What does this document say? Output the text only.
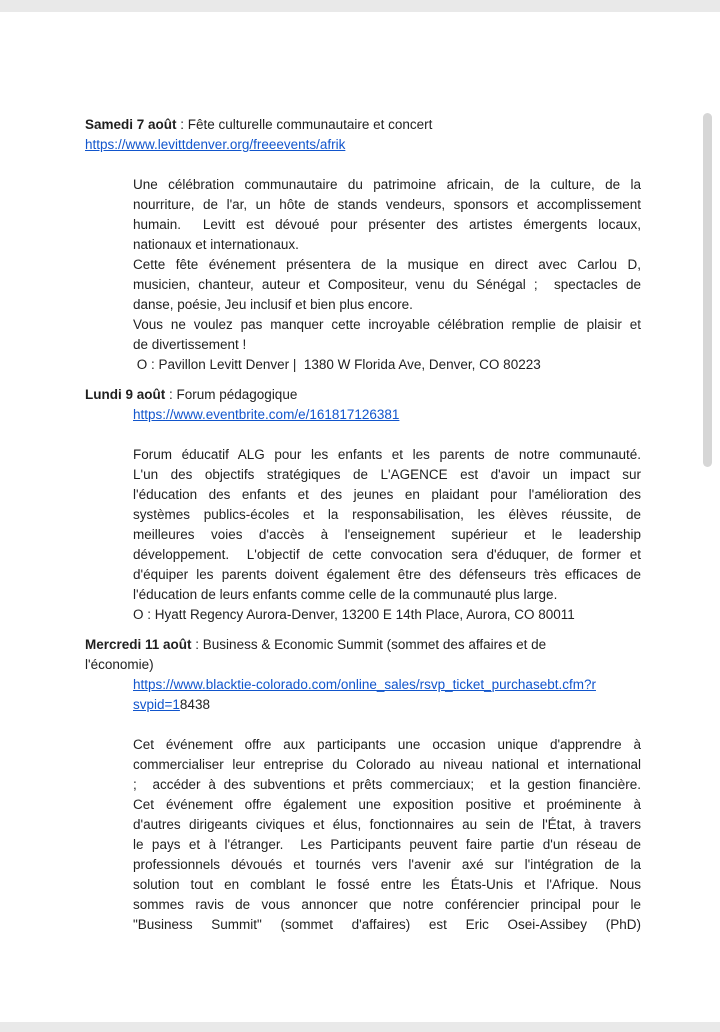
Samedi 7 août : Fête culturelle communautaire et concert
https://www.levittdenver.org/freeevents/afrik
Une célébration communautaire du patrimoine africain, de la culture, de la
nourriture, de l'ar, un hôte de stands vendeurs, sponsors et accomplissement
humain.  Levitt est dévoué pour présenter des artistes émergents locaux,
nationaux et internationaux.
Cette fête événement présentera de la musique en direct avec Carlou D,
musicien, chanteur, auteur et Compositeur, venu du Sénégal ;  spectacles de
danse, poésie, Jeu inclusif et bien plus encore.
Vous ne voulez pas manquer cette incroyable célébration remplie de plaisir et
de divertissement !
O : Pavillon Levitt Denver |  1380 W Florida Ave, Denver, CO 80223
Lundi 9 août : Forum pédagogique
https://www.eventbrite.com/e/161817126381
Forum éducatif ALG pour les enfants et les parents de notre communauté.
L'un des objectifs stratégiques de L'AGENCE est d'avoir un impact sur
l'éducation des enfants et des jeunes en plaidant pour l'amélioration des
systèmes publics-écoles et la responsabilisation, les élèves réussite, de
meilleures voies d'accès à l'enseignement supérieur et le leadership
développement.  L'objectif de cette convocation sera d'éduquer, de former et
d'équiper les parents doivent également être des défenseurs très efficaces de
l'éducation de leurs enfants comme celle de la communauté plus large.
O : Hyatt Regency Aurora-Denver, 13200 E 14th Place, Aurora, CO 80011
Mercredi 11 août : Business & Economic Summit (sommet des affaires et de
l'économie)
https://www.blacktie-colorado.com/online_sales/rsvp_ticket_purchasebt.cfm?r
svpid=18438
Cet événement offre aux participants une occasion unique d'apprendre à
commercialiser leur entreprise du Colorado au niveau national et international
;  accéder à des subventions et prêts commerciaux;  et la gestion financière.
Cet événement offre également une exposition positive et proéminente à
d'autres dirigeants civiques et élus, fonctionnaires au sein de l'État, à travers
le pays et à l'étranger.  Les Participants peuvent faire partie d'un réseau de
professionnels dévoués et tournés vers l'avenir axé sur l'intégration de la
solution tout en comblant le fossé entre les États-Unis et l'Afrique. Nous
sommes ravis de vous annoncer que notre conférencier principal pour le
"Business Summit" (sommet d'affaires) est Eric Osei-Assibey (PhD)
